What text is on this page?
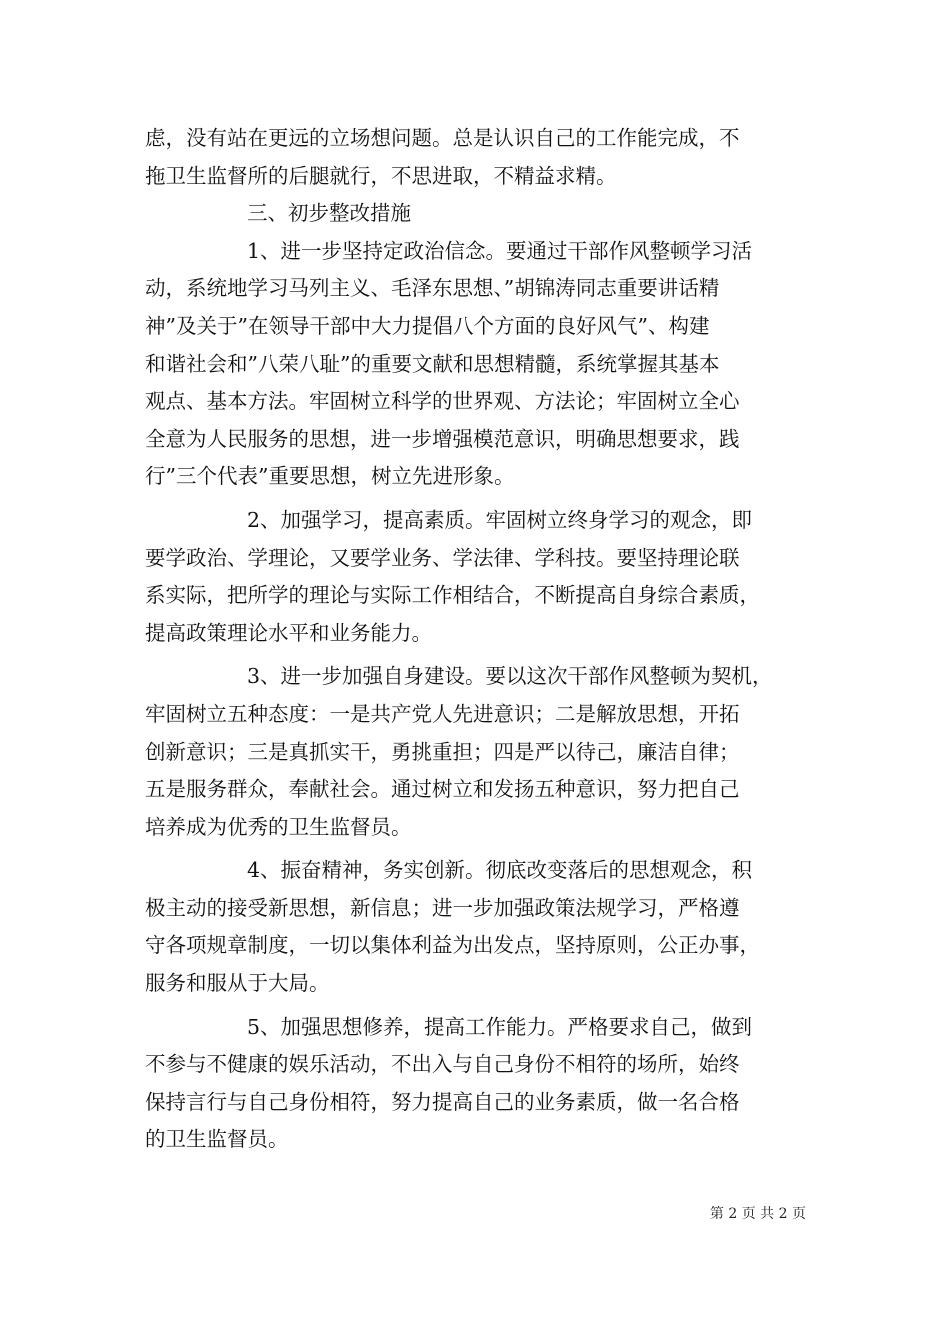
虑，没有站在更远的立场想问题。总是认识自己的工作能完成，不
拖卫生监督所的后腿就行，不思进取，不精益求精。
三、初步整改措施
1、进一步坚持定政治信念。要通过干部作风整顿学习活
动，系统地学习马列主义、毛泽东思想、”胡锦涛同志重要讲话精
神”及关于”在领导干部中大力提倡八个方面的良好风气”、构建
和谐社会和”八荣八耻”的重要文献和思想精髓，系统掌握其基本
观点、基本方法。牢固树立科学的世界观、方法论；牢固树立全心
全意为人民服务的思想，进一步增强模范意识，明确思想要求，践
行”三个代表”重要思想，树立先进形象。
2、加强学习，提高素质。牢固树立终身学习的观念，即
要学政治、学理论，又要学业务、学法律、学科技。要坚持理论联
系实际，把所学的理论与实际工作相结合，不断提高自身综合素质，
提高政策理论水平和业务能力。
3、进一步加强自身建设。要以这次干部作风整顿为契机，
牢固树立五种态度：一是共产党人先进意识；二是解放思想，开拓
创新意识；三是真抓实干，勇挑重担；四是严以待己，廉洁自律；
五是服务群众，奉献社会。通过树立和发扬五种意识，努力把自己
培养成为优秀的卫生监督员。
4、振奋精神，务实创新。彻底改变落后的思想观念，积
极主动的接受新思想，新信息；进一步加强政策法规学习，严格遵
守各项规章制度，一切以集体利益为出发点，坚持原则，公正办事，
服务和服从于大局。
5、加强思想修养，提高工作能力。严格要求自己，做到
不参与不健康的娱乐活动，不出入与自己身份不相符的场所，始终
保持言行与自己身份相符，努力提高自己的业务素质，做一名合格
的卫生监督员。
第 2 页 共 2 页
